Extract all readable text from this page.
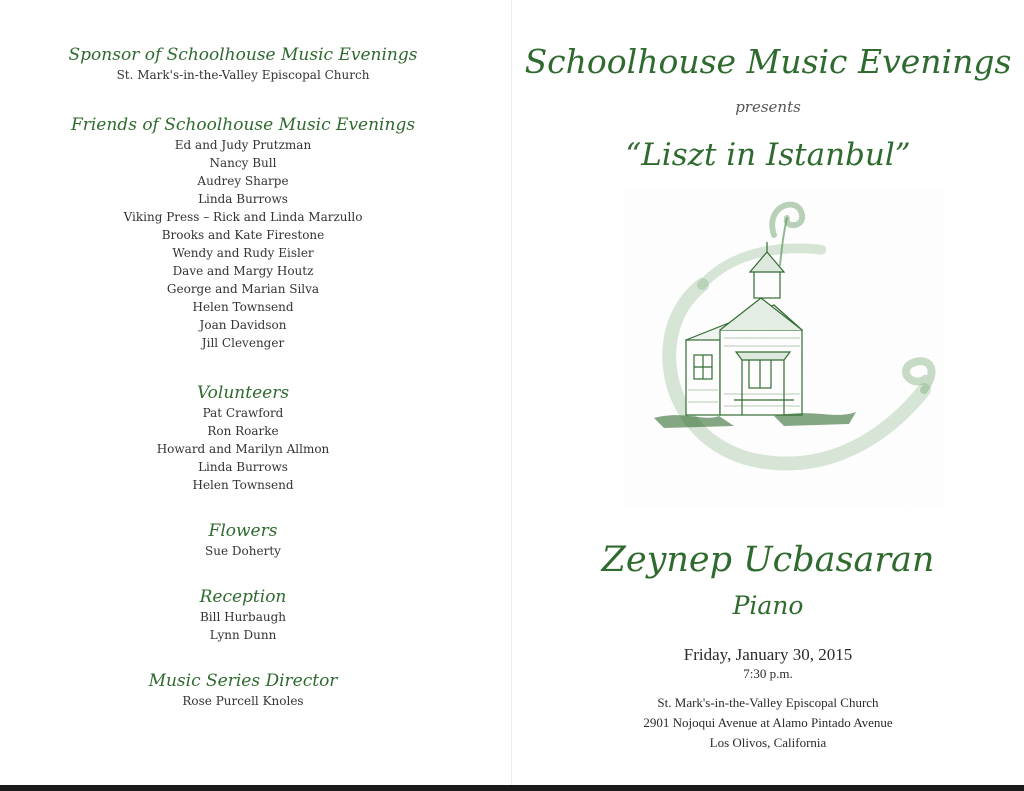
Sponsor of Schoolhouse Music Evenings

St. Mark's-in-the-Valley Episcopal Church

Friends of Schoolhouse Music Evenings

Ed and Judy Prutzman

Nancy Bull

Audrey Sharpe

Linda Burrows

Viking Press – Rick and Linda Marzullo

Brooks and Kate Firestone

Wendy and Rudy Eisler

Dave and Margy Houtz

George and Marian Silva

Helen Townsend

Joan Davidson

Jill Clevenger

Volunteers

Pat Crawford

Ron Roarke

Howard and Marilyn Allmon

Linda Burrows

Helen Townsend

Flowers

Sue Doherty

Reception

Bill Hurbaugh

Lynn Dunn

Music Series Director

Rose Purcell Knoles

Schoolhouse Music Evenings
presents
“Liszt in Istanbul”
Zeynep Ucbasaran
Piano
Friday, January 30, 2015
7:30 p.m.
St. Mark's-in-the-Valley Episcopal Church
2901 Nojoqui Avenue at Alamo Pintado Avenue
Los Olivos, California
